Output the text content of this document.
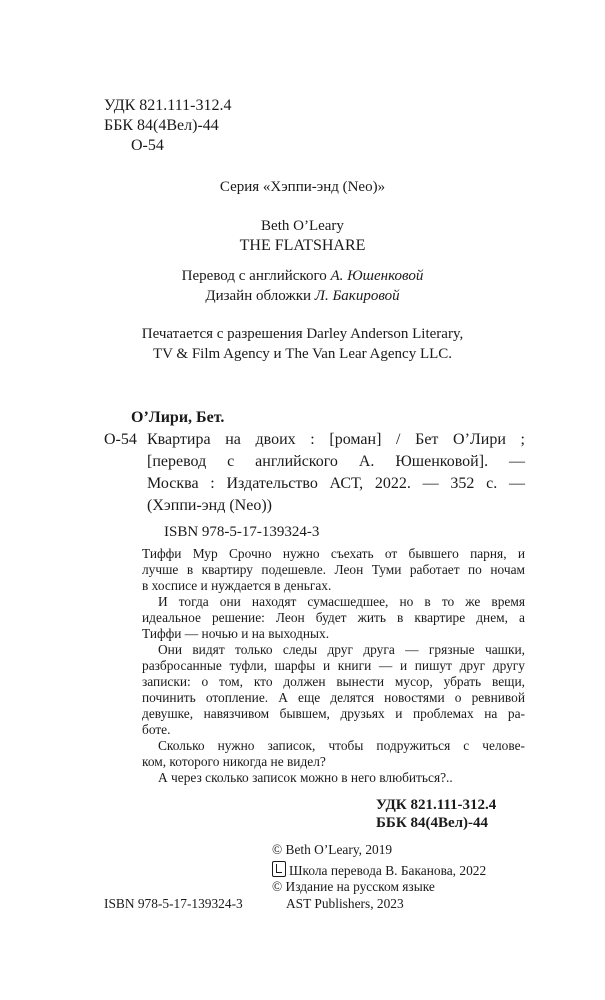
УДК 821.111-312.4
ББК 84(4Вел)-44
О-54
Серия «Хэппи-энд (Neo)»
Beth O’Leary
THE FLATSHARE
Перевод с английского А. Юшенковой
Дизайн обложки Л. Бакировой
Печатается с разрешения Darley Anderson Literary,
TV & Film Agency и The Van Lear Agency LLC.
О’Лири, Бет.
О-54 Квартира на двоих : [роман] / Бет О’Лири ;
[перевод с английского А. Юшенковой]. —
Москва : Издательство АСТ, 2022. — 352 с. —
(Хэппи-энд (Neo))
ISBN 978-5-17-139324-3
Тиффи Мур Срочно нужно съехать от бывшего парня, и
лучше в квартиру подешевле. Леон Туми работает по ночам
в хосписе и нуждается в деньгах.
И тогда они находят сумасшедшее, но в то же время
идеальное решение: Леон будет жить в квартире днем, а
Тиффи — ночью и на выходных.
Они видят только следы друг друга — грязные чашки,
разбросанные туфли, шарфы и книги — и пишут друг другу
записки: о том, кто должен вынести мусор, убрать вещи,
починить отопление. А еще делятся новостями о ревнивой
девушке, навязчивом бывшем, друзьях и проблемах на ра-
боте.
Сколько нужно записок, чтобы подружиться с челове-
ком, которого никогда не видел?
А через сколько записок можно в него влюбиться?..
УДК 821.111-312.4
ББК 84(4Вел)-44
© Beth O’Leary, 2019
Школа перевода В. Баканова, 2022
© Издание на русском языке
AST Publishers, 2023
ISBN 978-5-17-139324-3
